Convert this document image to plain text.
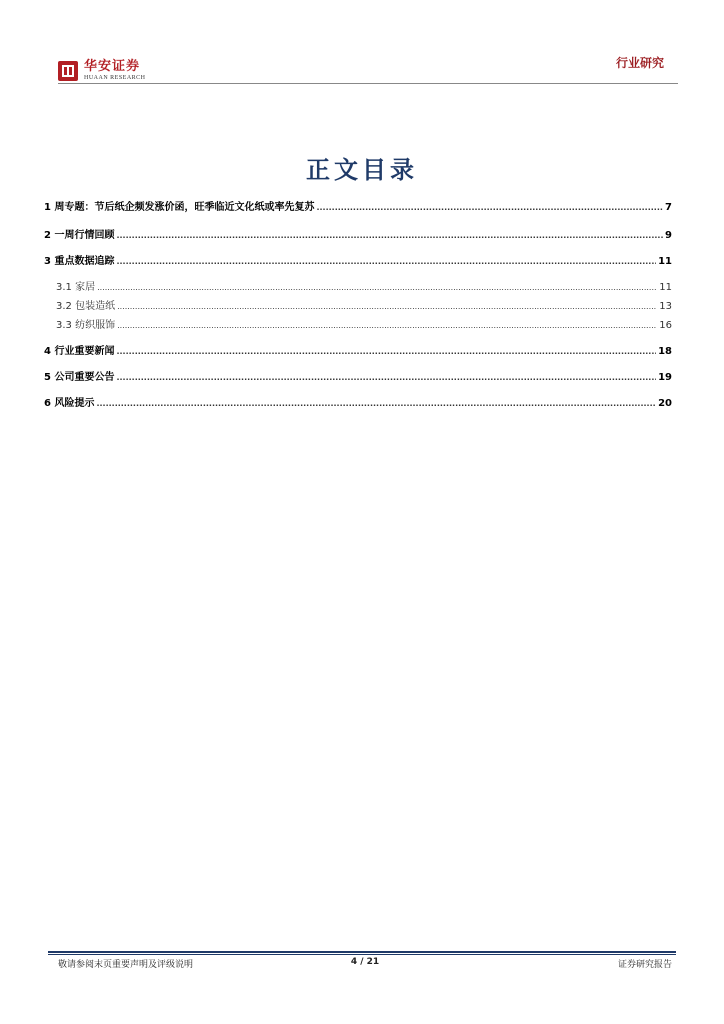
华安证券
HUAAN RESEARCH
行业研究
正文目录
1 周专题：节后纸企频发涨价函，旺季临近文化纸或率先复苏 .....	7
2 一周行情回顾 .....	9
3 重点数据追踪 .....	11
3.1 家居 .....	11
3.2 包装造纸 .....	13
3.3 纺织服饰 .....	16
4 行业重要新闻 .....	18
5 公司重要公告 .....	19
6 风险提示 .....	20
敬请参阅末页重要声明及评级说明	4 / 21	证券研究报告
